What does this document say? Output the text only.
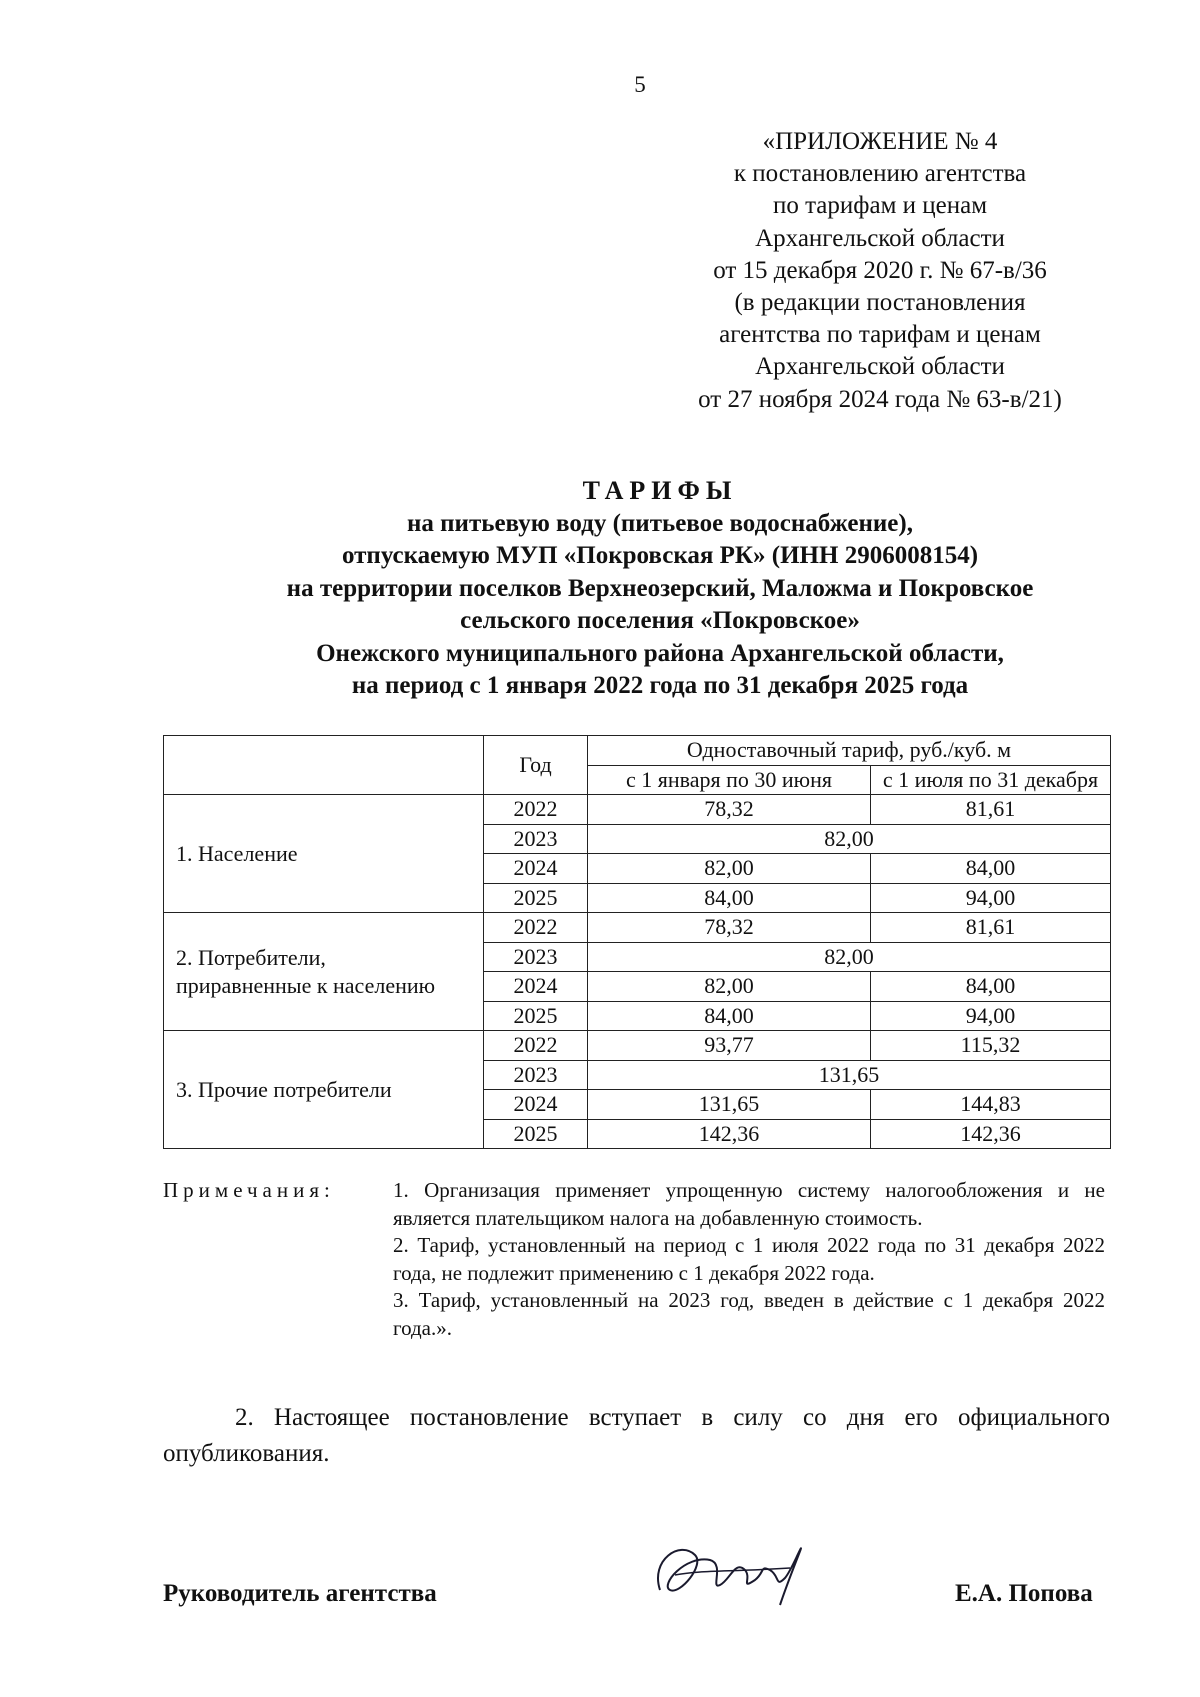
5
«ПРИЛОЖЕНИЕ № 4
к постановлению агентства
по тарифам и ценам
Архангельской области
от 15 декабря 2020 г. № 67-в/36
(в редакции постановления
агентства по тарифам и ценам
Архангельской области
от 27 ноября 2024 года № 63-в/21)
ТАРИФЫ
на питьевую воду (питьевое водоснабжение),
отпускаемую МУП «Покровская РК» (ИНН 2906008154)
на территории поселков Верхнеозерский, Маложма и Покровское
сельского поселения «Покровское»
Онежского муниципального района Архангельской области,
на период с 1 января 2022 года по 31 декабря 2025 года
	Год	Одноставочный тариф, руб./куб. м	
		с 1 января по 30 июня	с 1 июля по 31 декабря

1. Население	2022	78,32	81,61
	2023	82,00	
	2024	82,00	84,00
	2025	84,00	94,00

2. Потребители,
приравненные к населению	2022	78,32	81,61
	2023	82,00	
	2024	82,00	84,00
	2025	84,00	94,00

3. Прочие потребители	2022	93,77	115,32
	2023	131,65	
	2024	131,65	144,83
	2025	142,36	142,36
Примечания:	1. Организация применяет упрощенную систему налогообложения и не является плательщиком налога на добавленную стоимость.

2. Тариф, установленный на период с 1 июля 2022 года по 31 декабря 2022 года, не подлежит применению с 1 декабря 2022 года.

3. Тариф, установленный на 2023 год, введен в действие с 1 декабря 2022 года.».

2. Настоящее постановление вступает в силу со дня его официального опубликования.
Руководитель агентства	Е.А. Попова
